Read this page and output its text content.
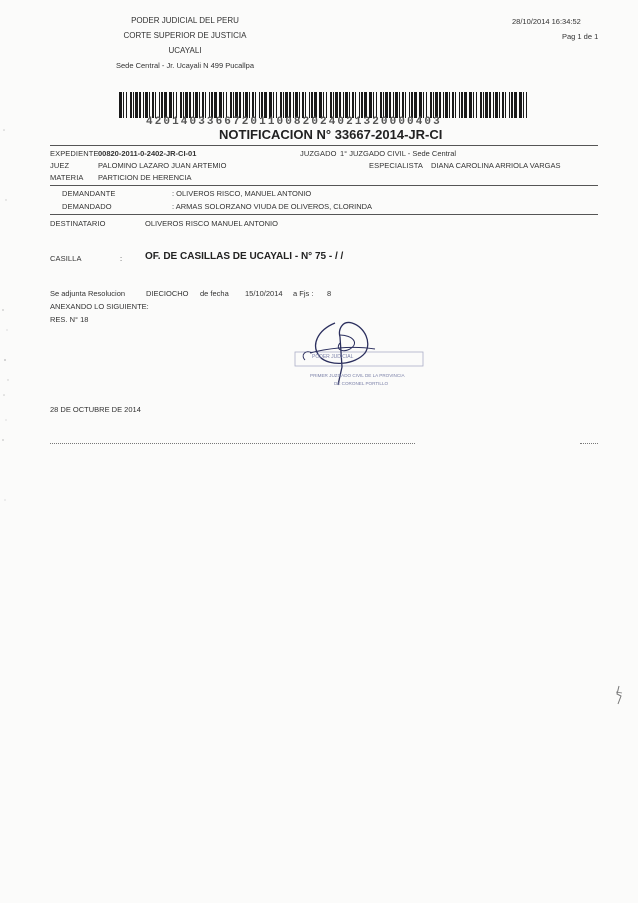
PODER JUDICIAL DEL PERU
CORTE SUPERIOR DE JUSTICIA
UCAYALI
Sede Central - Jr. Ucayali N 499 Pucallpa
28/10/2014 16:34:52
Pag 1 de 1
4201403366720110082024021320000403
NOTIFICACION N° 33667-2014-JR-CI
EXPEDIENTE 00820-2011-0-2402-JR-CI-01	JUZGADO 1° JUZGADO CIVIL - Sede Central
JUEZ	PALOMINO LAZARO JUAN ARTEMIO	ESPECIALISTA DIANA CAROLINA ARRIOLA VARGAS
MATERIA PARTICION DE HERENCIA
DEMANDANTE	: OLIVEROS RISCO, MANUEL ANTONIO
DEMANDADO	: ARMAS SOLORZANO VIUDA DE OLIVEROS, CLORINDA
DESTINATARIO	OLIVEROS RISCO MANUEL ANTONIO
CASILLA	: OF. DE CASILLAS DE UCAYALI - N° 75 - / /
Se adjunta Resolucion	DIECIOCHO de fecha 15/10/2014 a Fjs : 8
ANEXANDO LO SIGUIENTE:
RES. N° 18
PODER JUDICIAL
PRIMER JUZGADO CIVIL DE LA PROVINCIA
DE CORONEL PORTILLO
28 DE OCTUBRE DE 2014
